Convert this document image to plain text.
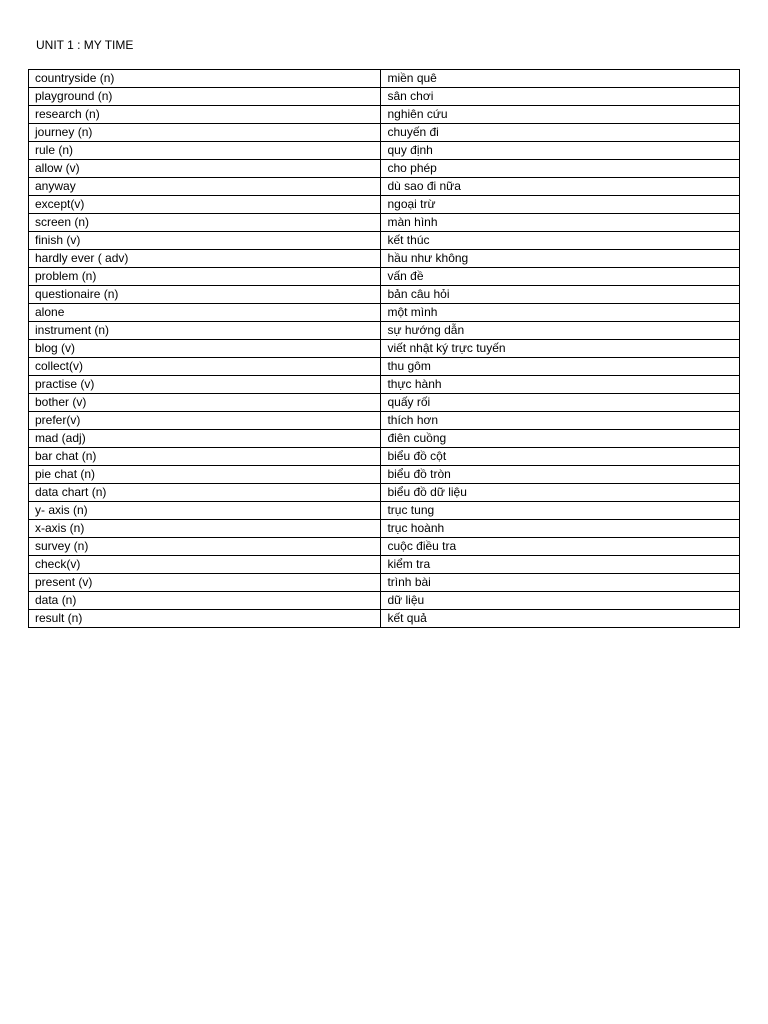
UNIT 1 : MY TIME
countryside (n)	miền quê
playground (n)	sân chơi
research (n)	nghiên cứu
journey (n)	chuyến đi
rule (n)	quy định
allow (v)	cho phép
anyway	dù sao đi nữa
except(v)	ngoại trừ
screen (n)	màn hình
finish (v)	kết thúc
hardly ever ( adv)	hầu như không
problem (n)	vấn đề
questionaire (n)	bản câu hỏi
alone	một mình
instrument (n)	sự hướng dẫn
blog (v)	viết nhật ký trực tuyến
collect(v)	thu gôm
practise (v)	thực hành
bother (v)	quấy rối
prefer(v)	thích hơn
mad (adj)	điên cuồng
bar chat (n)	biểu đồ cột
pie chat (n)	biểu đồ tròn
data chart (n)	biểu đồ dữ liệu
y- axis (n)	trục tung
x-axis (n)	trục hoành
survey (n)	cuộc điều tra
check(v)	kiểm tra
present (v)	trình bài
data (n)	dữ liệu
result (n)	kết quả
